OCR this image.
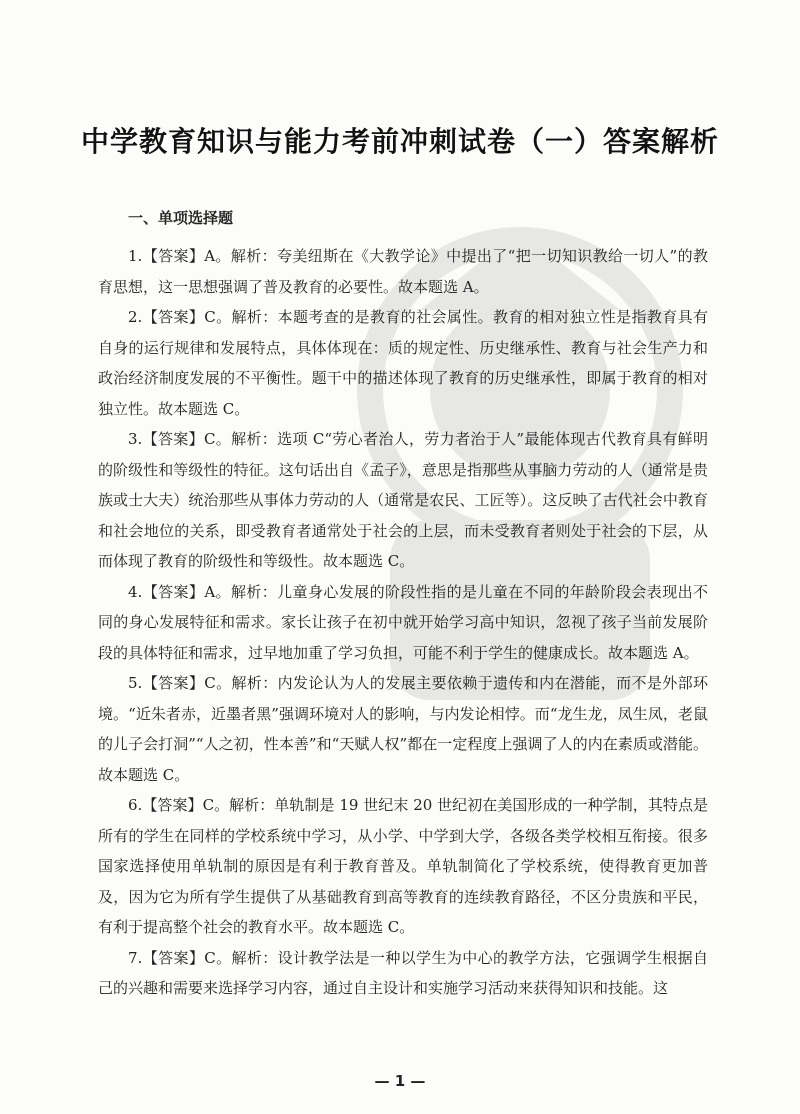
中学教育知识与能力考前冲刺试卷（一）答案解析
一、单项选择题

1.【答案】A。解析：夸美纽斯在《大教学论》中提出了“把一切知识教给一切人”的教育思想，这一思想强调了普及教育的必要性。故本题选 A。

2.【答案】C。解析：本题考查的是教育的社会属性。教育的相对独立性是指教育具有自身的运行规律和发展特点，具体体现在：质的规定性、历史继承性、教育与社会生产力和政治经济制度发展的不平衡性。题干中的描述体现了教育的历史继承性，即属于教育的相对独立性。故本题选 C。

3.【答案】C。解析：选项 C“劳心者治人，劳力者治于人”最能体现古代教育具有鲜明的阶级性和等级性的特征。这句话出自《孟子》，意思是指那些从事脑力劳动的人（通常是贵族或士大夫）统治那些从事体力劳动的人（通常是农民、工匠等）。这反映了古代社会中教育和社会地位的关系，即受教育者通常处于社会的上层，而未受教育者则处于社会的下层，从而体现了教育的阶级性和等级性。故本题选 C。

4.【答案】A。解析：儿童身心发展的阶段性指的是儿童在不同的年龄阶段会表现出不同的身心发展特征和需求。家长让孩子在初中就开始学习高中知识，忽视了孩子当前发展阶段的具体特征和需求，过早地加重了学习负担，可能不利于学生的健康成长。故本题选 A。

5.【答案】C。解析：内发论认为人的发展主要依赖于遗传和内在潜能，而不是外部环境。“近朱者赤，近墨者黑”强调环境对人的影响，与内发论相悖。而“龙生龙，凤生凤，老鼠的儿子会打洞”“人之初，性本善”和“天赋人权”都在一定程度上强调了人的内在素质或潜能。故本题选 C。

6.【答案】C。解析：单轨制是 19 世纪末 20 世纪初在美国形成的一种学制，其特点是所有的学生在同样的学校系统中学习，从小学、中学到大学，各级各类学校相互衔接。很多国家选择使用单轨制的原因是有利于教育普及。单轨制简化了学校系统，使得教育更加普及，因为它为所有学生提供了从基础教育到高等教育的连续教育路径，不区分贵族和平民，有利于提高整个社会的教育水平。故本题选 C。

7.【答案】C。解析：设计教学法是一种以学生为中心的教学方法，它强调学生根据自己的兴趣和需要来选择学习内容，通过自主设计和实施学习活动来获得知识和技能。这

— 1 —
